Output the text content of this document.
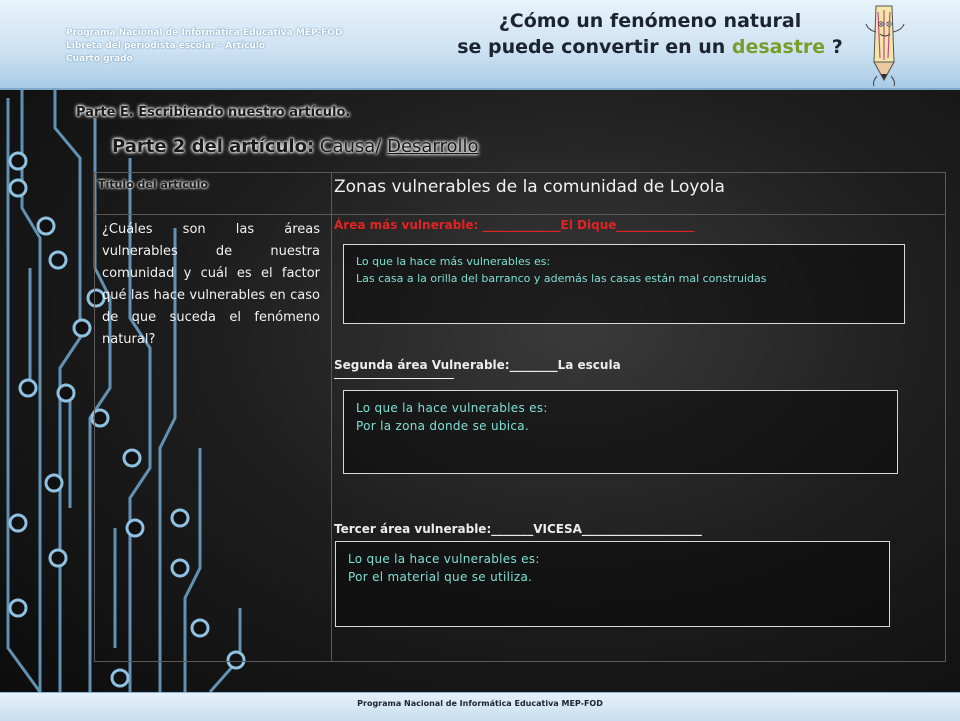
Programa Nacional de Informática Educativa MEP-FOD
Libreta del periodista escolar - Artículo
Cuarto grado
¿Cómo un fenómeno natural
se puede convertir en un desastre ?
Parte E. Escribiendo nuestro artículo.
Parte 2 del artículo: Causa/ Desarrollo
Título del artículo	Zonas vulnerables de la comunidad de Loyola
¿Cuáles son las áreas vulnerables de nuestra comunidad y cuál es el factor qué las hace vulnerables en caso de que suceda el fenómeno natural?
Área más vulnerable: _____________El Dique_____________
Lo que la hace más vulnerables es:
Las casa a la orilla del barranco y además las casas están mal construidas
Segunda área Vulnerable:________La escula
Lo que la hace vulnerables es:
Por la zona donde se ubica.
Tercer área vulnerable:_______VICESA____________________
Lo que la hace vulnerables es:
Por el material que se utiliza.
Programa Nacional de Informática Educativa MEP-FOD
